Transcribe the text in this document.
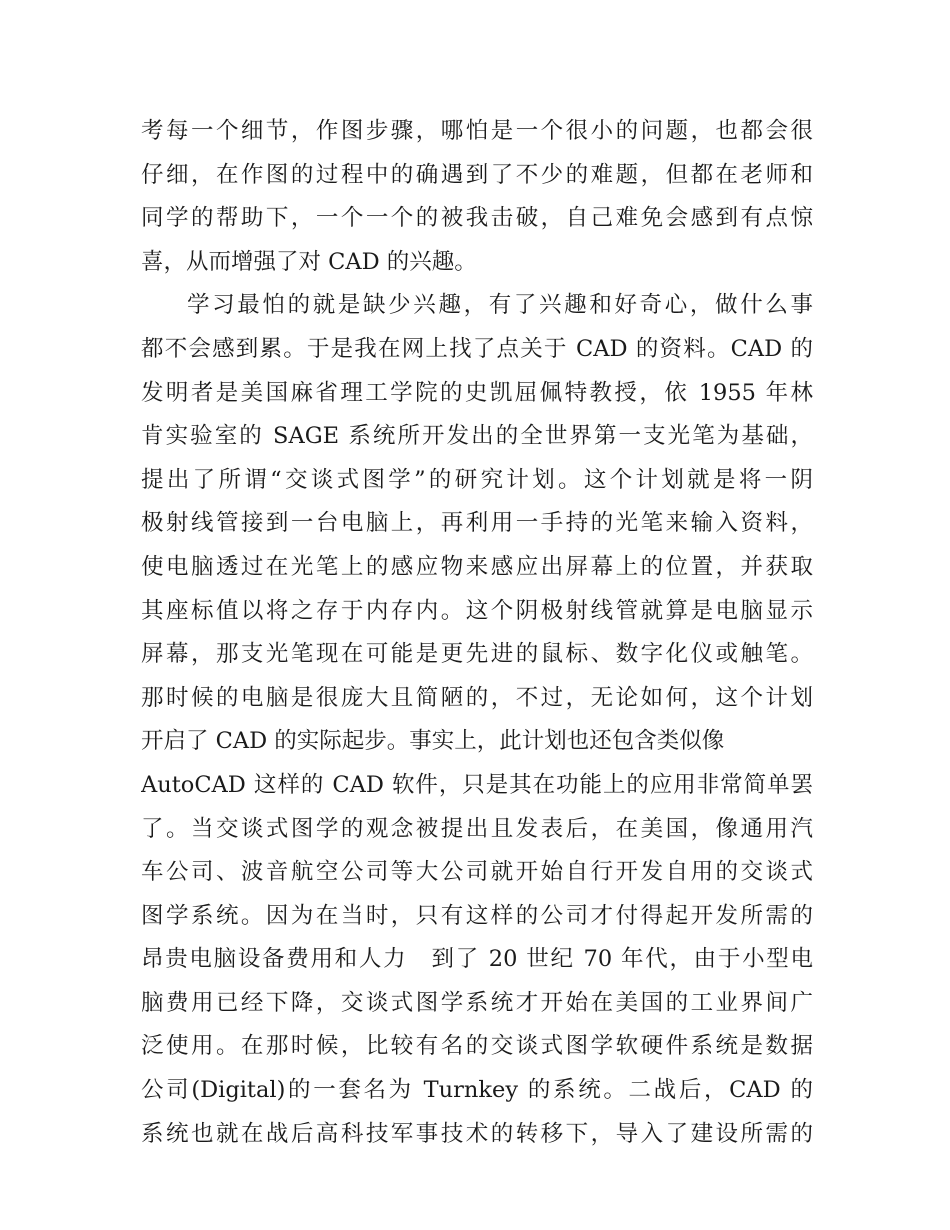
考每一个细节，作图步骤，哪怕是一个很小的问题，也都会很
仔细，在作图的过程中的确遇到了不少的难题，但都在老师和
同学的帮助下，一个一个的被我击破，自己难免会感到有点惊
喜，从而增强了对 CAD 的兴趣。
学习最怕的就是缺少兴趣，有了兴趣和好奇心，做什么事
都不会感到累。于是我在网上找了点关于 CAD 的资料。CAD 的
发明者是美国麻省理工学院的史凯屈佩特教授，依 1955 年林
肯实验室的 SAGE 系统所开发出的全世界第一支光笔为基础，
提出了所谓“交谈式图学”的研究计划。这个计划就是将一阴
极射线管接到一台电脑上，再利用一手持的光笔来输入资料，
使电脑透过在光笔上的感应物来感应出屏幕上的位置，并获取
其座标值以将之存于内存内。这个阴极射线管就算是电脑显示
屏幕，那支光笔现在可能是更先进的鼠标、数字化仪或触笔。
那时候的电脑是很庞大且简陋的，不过，无论如何，这个计划
开启了 CAD 的实际起步。事实上，此计划也还包含类似像
AutoCAD 这样的 CAD 软件，只是其在功能上的应用非常简单罢
了。当交谈式图学的观念被提出且发表后，在美国，像通用汽
车公司、波音航空公司等大公司就开始自行开发自用的交谈式
图学系统。因为在当时，只有这样的公司才付得起开发所需的
昂贵电脑设备费用和人力　到了 20 世纪 70 年代，由于小型电
脑费用已经下降，交谈式图学系统才开始在美国的工业界间广
泛使用。在那时候，比较有名的交谈式图学软硬件系统是数据
公司(Digital)的一套名为 Turnkey 的系统。二战后，CAD 的
系统也就在战后高科技军事技术的转移下，导入了建设所需的
